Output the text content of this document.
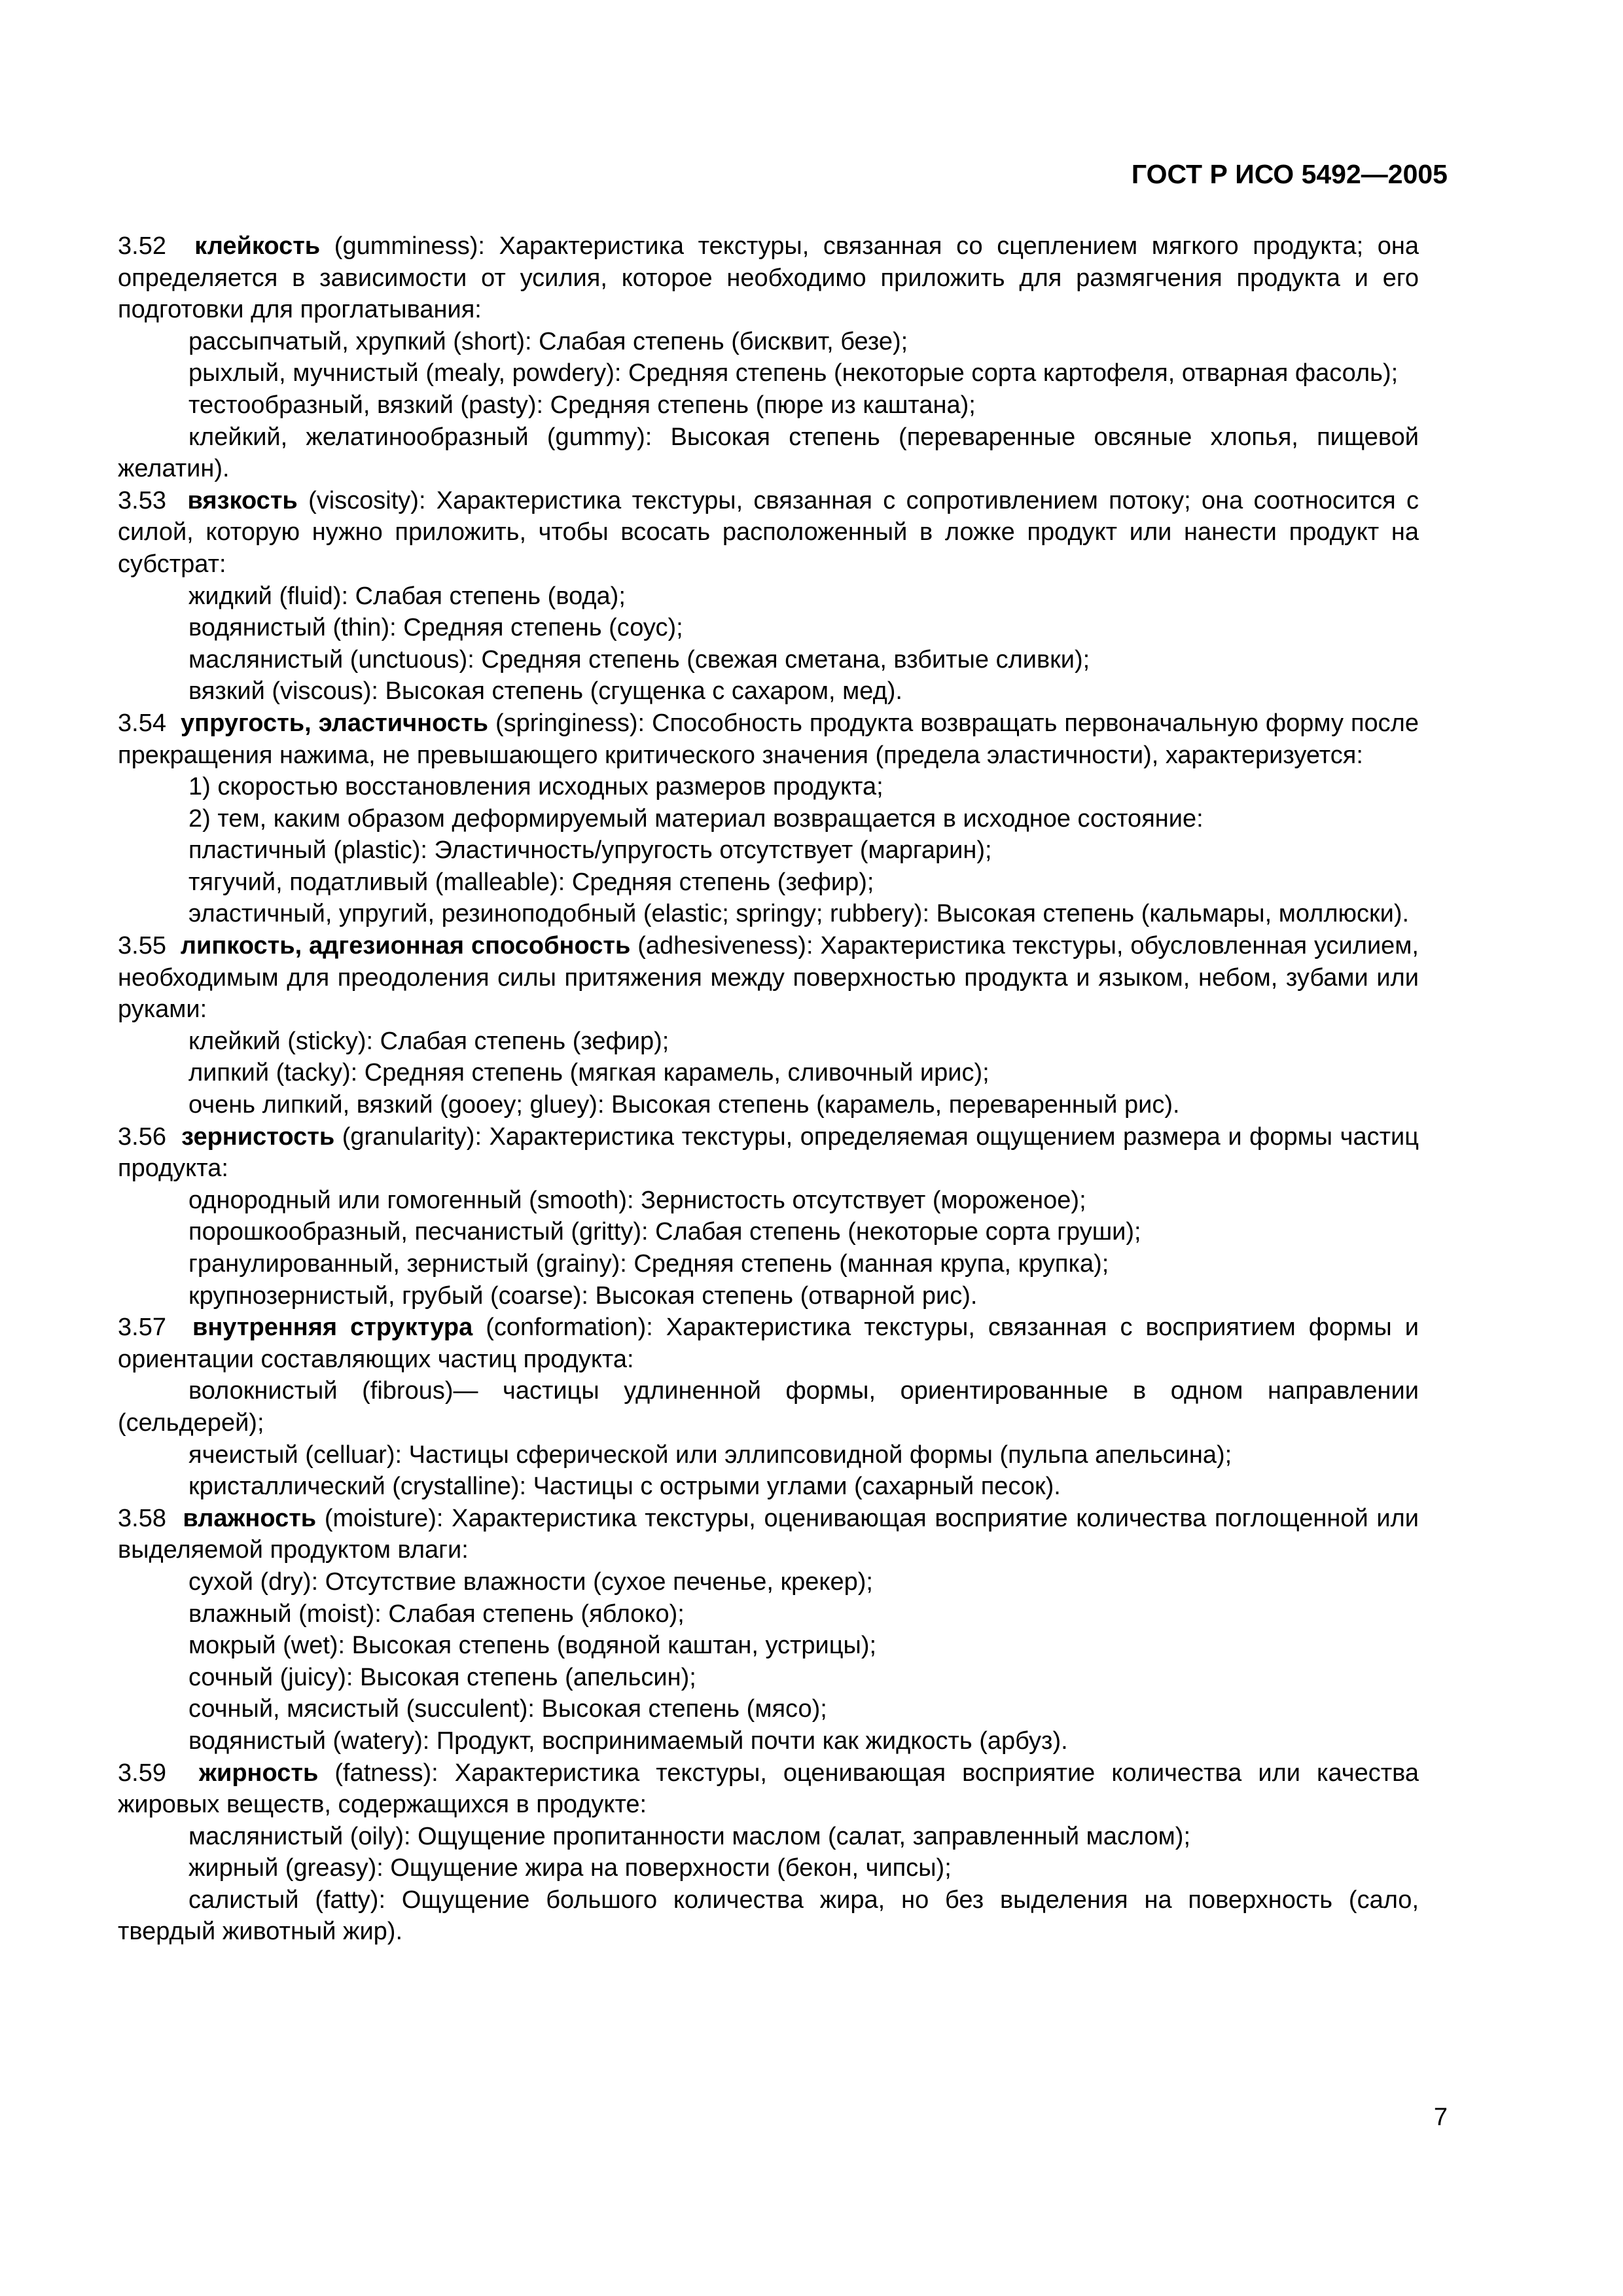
ГОСТ Р ИСО 5492—2005

3.52 клейкость (gumminess): Характеристика текстуры, связанная со сцеплением мягкого продукта; она определяется в зависимости от усилия, которое необходимо приложить для размягчения продукта и его подготовки для проглатывания:

рассыпчатый, хрупкий (short): Слабая степень (бисквит, безе);

рыхлый, мучнистый (mealy, powdery): Средняя степень (некоторые сорта картофеля, отварная фасоль);

тестообразный, вязкий (pasty): Средняя степень (пюре из каштана);

клейкий, желатинообразный (gummy): Высокая степень (переваренные овсяные хлопья, пищевой желатин).

3.53 вязкость (viscosity): Характеристика текстуры, связанная с сопротивлением потоку; она соотносится с силой, которую нужно приложить, чтобы всосать расположенный в ложке продукт или нанести продукт на субстрат:

жидкий (fluid): Слабая степень (вода);

водянистый (thin): Средняя степень (соус);

маслянистый (unctuous): Средняя степень (свежая сметана, взбитые сливки);

вязкий (viscous): Высокая степень (сгущенка с сахаром, мед).

3.54 упругость, эластичность (springiness): Способность продукта возвращать первоначальную форму после прекращения нажима, не превышающего критического значения (предела эластичности), характеризуется:

1) скоростью восстановления исходных размеров продукта;

2) тем, каким образом деформируемый материал возвращается в исходное состояние:

пластичный (plastic): Эластичность/упругость отсутствует (маргарин);

тягучий, податливый (malleable): Средняя степень (зефир);

эластичный, упругий, резиноподобный (elastic; springy; rubbery): Высокая степень (кальмары, моллюски).

3.55 липкость, адгезионная способность (adhesiveness): Характеристика текстуры, обусловленная усилием, необходимым для преодоления силы притяжения между поверхностью продукта и языком, небом, зубами или руками:

клейкий (sticky): Слабая степень (зефир);

липкий (tacky): Средняя степень (мягкая карамель, сливочный ирис);

очень липкий, вязкий (gooey; gluey): Высокая степень (карамель, переваренный рис).

3.56 зернистость (granularity): Характеристика текстуры, определяемая ощущением размера и формы частиц продукта:

однородный или гомогенный (smooth): Зернистость отсутствует (мороженое);

порошкообразный, песчанистый (gritty): Слабая степень (некоторые сорта груши);

гранулированный, зернистый (grainy): Средняя степень (манная крупа, крупка);

крупнозернистый, грубый (coarse): Высокая степень (отварной рис).

3.57 внутренняя структура (conformation): Характеристика текстуры, связанная с восприятием формы и ориентации составляющих частиц продукта:

волокнистый (fibrous)— частицы удлиненной формы, ориентированные в одном направлении (сельдерей);

ячеистый (celluar): Частицы сферической или эллипсовидной формы (пульпа апельсина);

кристаллический (crystalline): Частицы с острыми углами (сахарный песок).

3.58 влажность (moisture): Характеристика текстуры, оценивающая восприятие количества поглощенной или выделяемой продуктом влаги:

сухой (dry): Отсутствие влажности (сухое печенье, крекер);

влажный (moist): Слабая степень (яблоко);

мокрый (wet): Высокая степень (водяной каштан, устрицы);

сочный (juicy): Высокая степень (апельсин);

сочный, мясистый (succulent): Высокая степень (мясо);

водянистый (watery): Продукт, воспринимаемый почти как жидкость (арбуз).

3.59 жирность (fatness): Характеристика текстуры, оценивающая восприятие количества или качества жировых веществ, содержащихся в продукте:

маслянистый (oily): Ощущение пропитанности маслом (салат, заправленный маслом);

жирный (greasy): Ощущение жира на поверхности (бекон, чипсы);

салистый (fatty): Ощущение большого количества жира, но без выделения на поверхность (сало, твердый животный жир).

7
